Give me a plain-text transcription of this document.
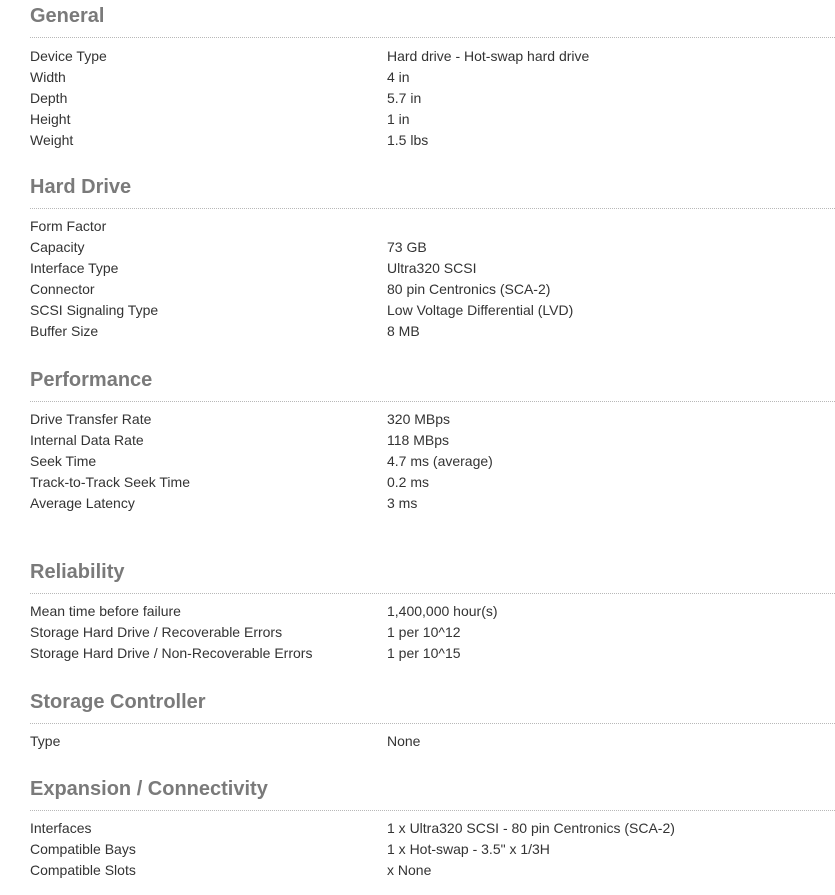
General
Device Type	Hard drive - Hot-swap hard drive
Width	4 in
Depth	5.7 in
Height	1 in
Weight	1.5 lbs
Hard Drive
Form Factor
Capacity	73 GB
Interface Type	Ultra320 SCSI
Connector	80 pin Centronics (SCA-2)
SCSI Signaling Type	Low Voltage Differential (LVD)
Buffer Size	8 MB
Performance
Drive Transfer Rate	320 MBps
Internal Data Rate	118 MBps
Seek Time	4.7 ms (average)
Track-to-Track Seek Time	0.2 ms
Average Latency	3 ms
Reliability
Mean time before failure	1,400,000 hour(s)
Storage Hard Drive / Recoverable Errors	1 per 10^12
Storage Hard Drive / Non-Recoverable Errors	1 per 10^15
Storage Controller
Type	None
Expansion / Connectivity
Interfaces	1 x Ultra320 SCSI - 80 pin Centronics (SCA-2)
Compatible Bays	1 x Hot-swap - 3.5" x 1/3H
Compatible Slots	x None
